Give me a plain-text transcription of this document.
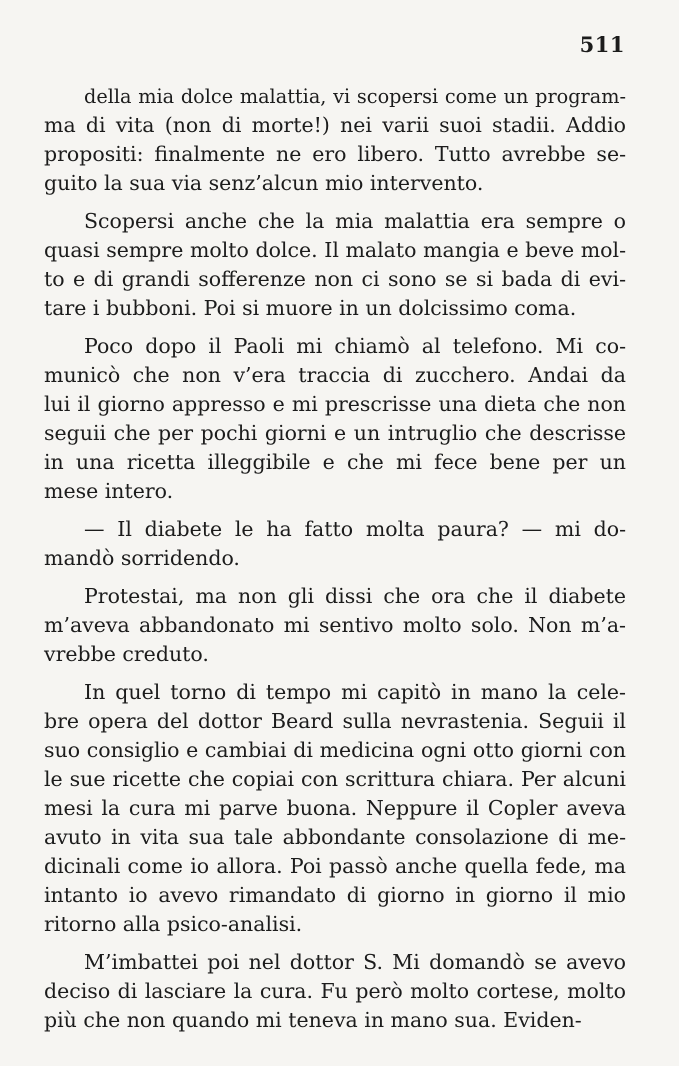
511

della mia dolce malattia, vi scopersi come un program-
ma di vita (non di morte!) nei varii suoi stadii. Addio
propositi: finalmente ne ero libero. Tutto avrebbe se-
guito la sua via senz’alcun mio intervento.

Scopersi anche che la mia malattia era sempre o
quasi sempre molto dolce. Il malato mangia e beve mol-
to e di grandi sofferenze non ci sono se si bada di evi-
tare i bubboni. Poi si muore in un dolcissimo coma.

Poco dopo il Paoli mi chiamò al telefono. Mi co-
municò che non v’era traccia di zucchero. Andai da
lui il giorno appresso e mi prescrisse una dieta che non
seguii che per pochi giorni e un intruglio che descrisse
in una ricetta illeggibile e che mi fece bene per un
mese intero.

— Il diabete le ha fatto molta paura? — mi do-
mandò sorridendo.

Protestai, ma non gli dissi che ora che il diabete
m’aveva abbandonato mi sentivo molto solo. Non m’a-
vrebbe creduto.

In quel torno di tempo mi capitò in mano la cele-
bre opera del dottor Beard sulla nevrastenia. Seguii il
suo consiglio e cambiai di medicina ogni otto giorni con
le sue ricette che copiai con scrittura chiara. Per alcuni
mesi la cura mi parve buona. Neppure il Copler aveva
avuto in vita sua tale abbondante consolazione di me-
dicinali come io allora. Poi passò anche quella fede, ma
intanto io avevo rimandato di giorno in giorno il mio
ritorno alla psico-analisi.

M’imbattei poi nel dottor S. Mi domandò se avevo
deciso di lasciare la cura. Fu però molto cortese, molto
più che non quando mi teneva in mano sua. Eviden-
